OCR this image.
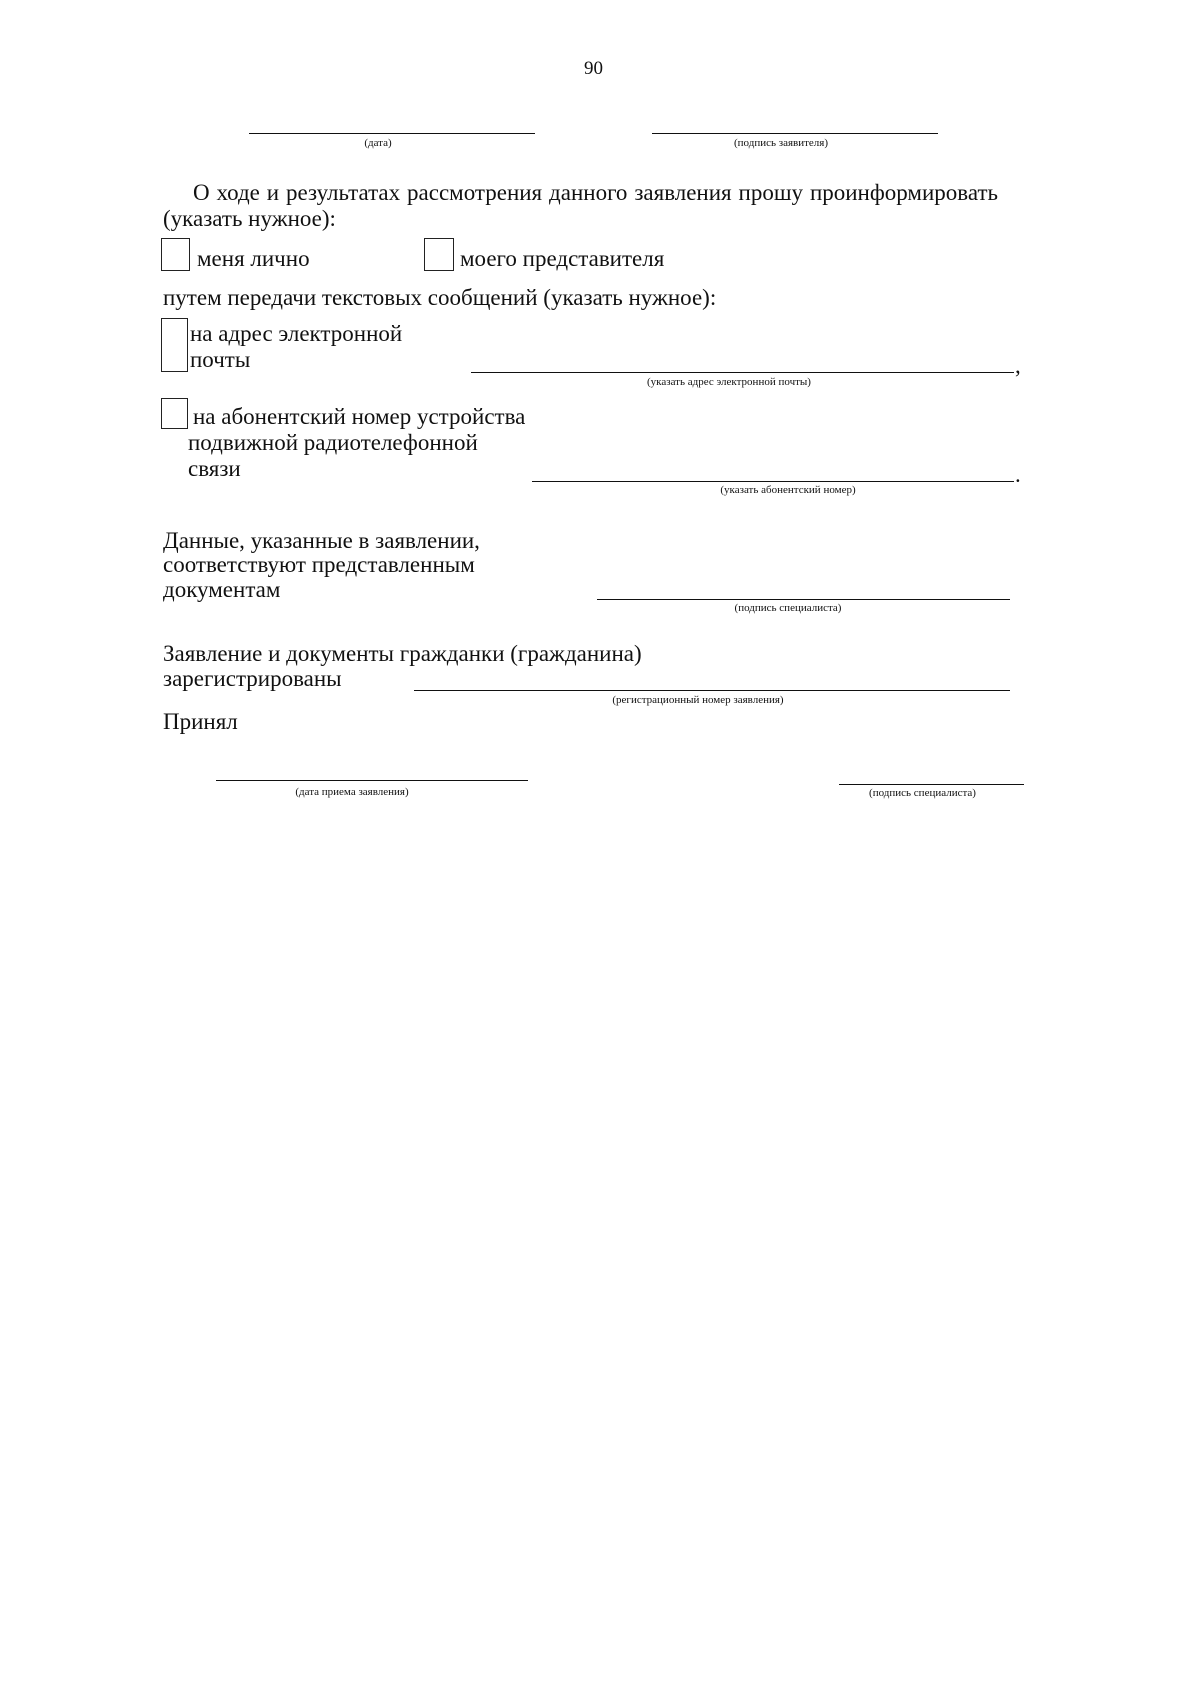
90
(дата)	(подпись заявителя)
О ходе и результатах рассмотрения данного заявления прошу проинформировать
(указать нужное):
меня лично	моего представителя
путем передачи текстовых сообщений (указать нужное):
на адрес электронной
почты	,
(указать адрес электронной почты)
на абонентский номер устройства
подвижной радиотелефонной
связи	.
(указать абонентский номер)
Данные, указанные в заявлении,
соответствуют представленным
документам
(подпись специалиста)
Заявление и документы гражданки (гражданина)
зарегистрированы
(регистрационный номер заявления)
Принял
(дата приема заявления)	(подпись специалиста)
